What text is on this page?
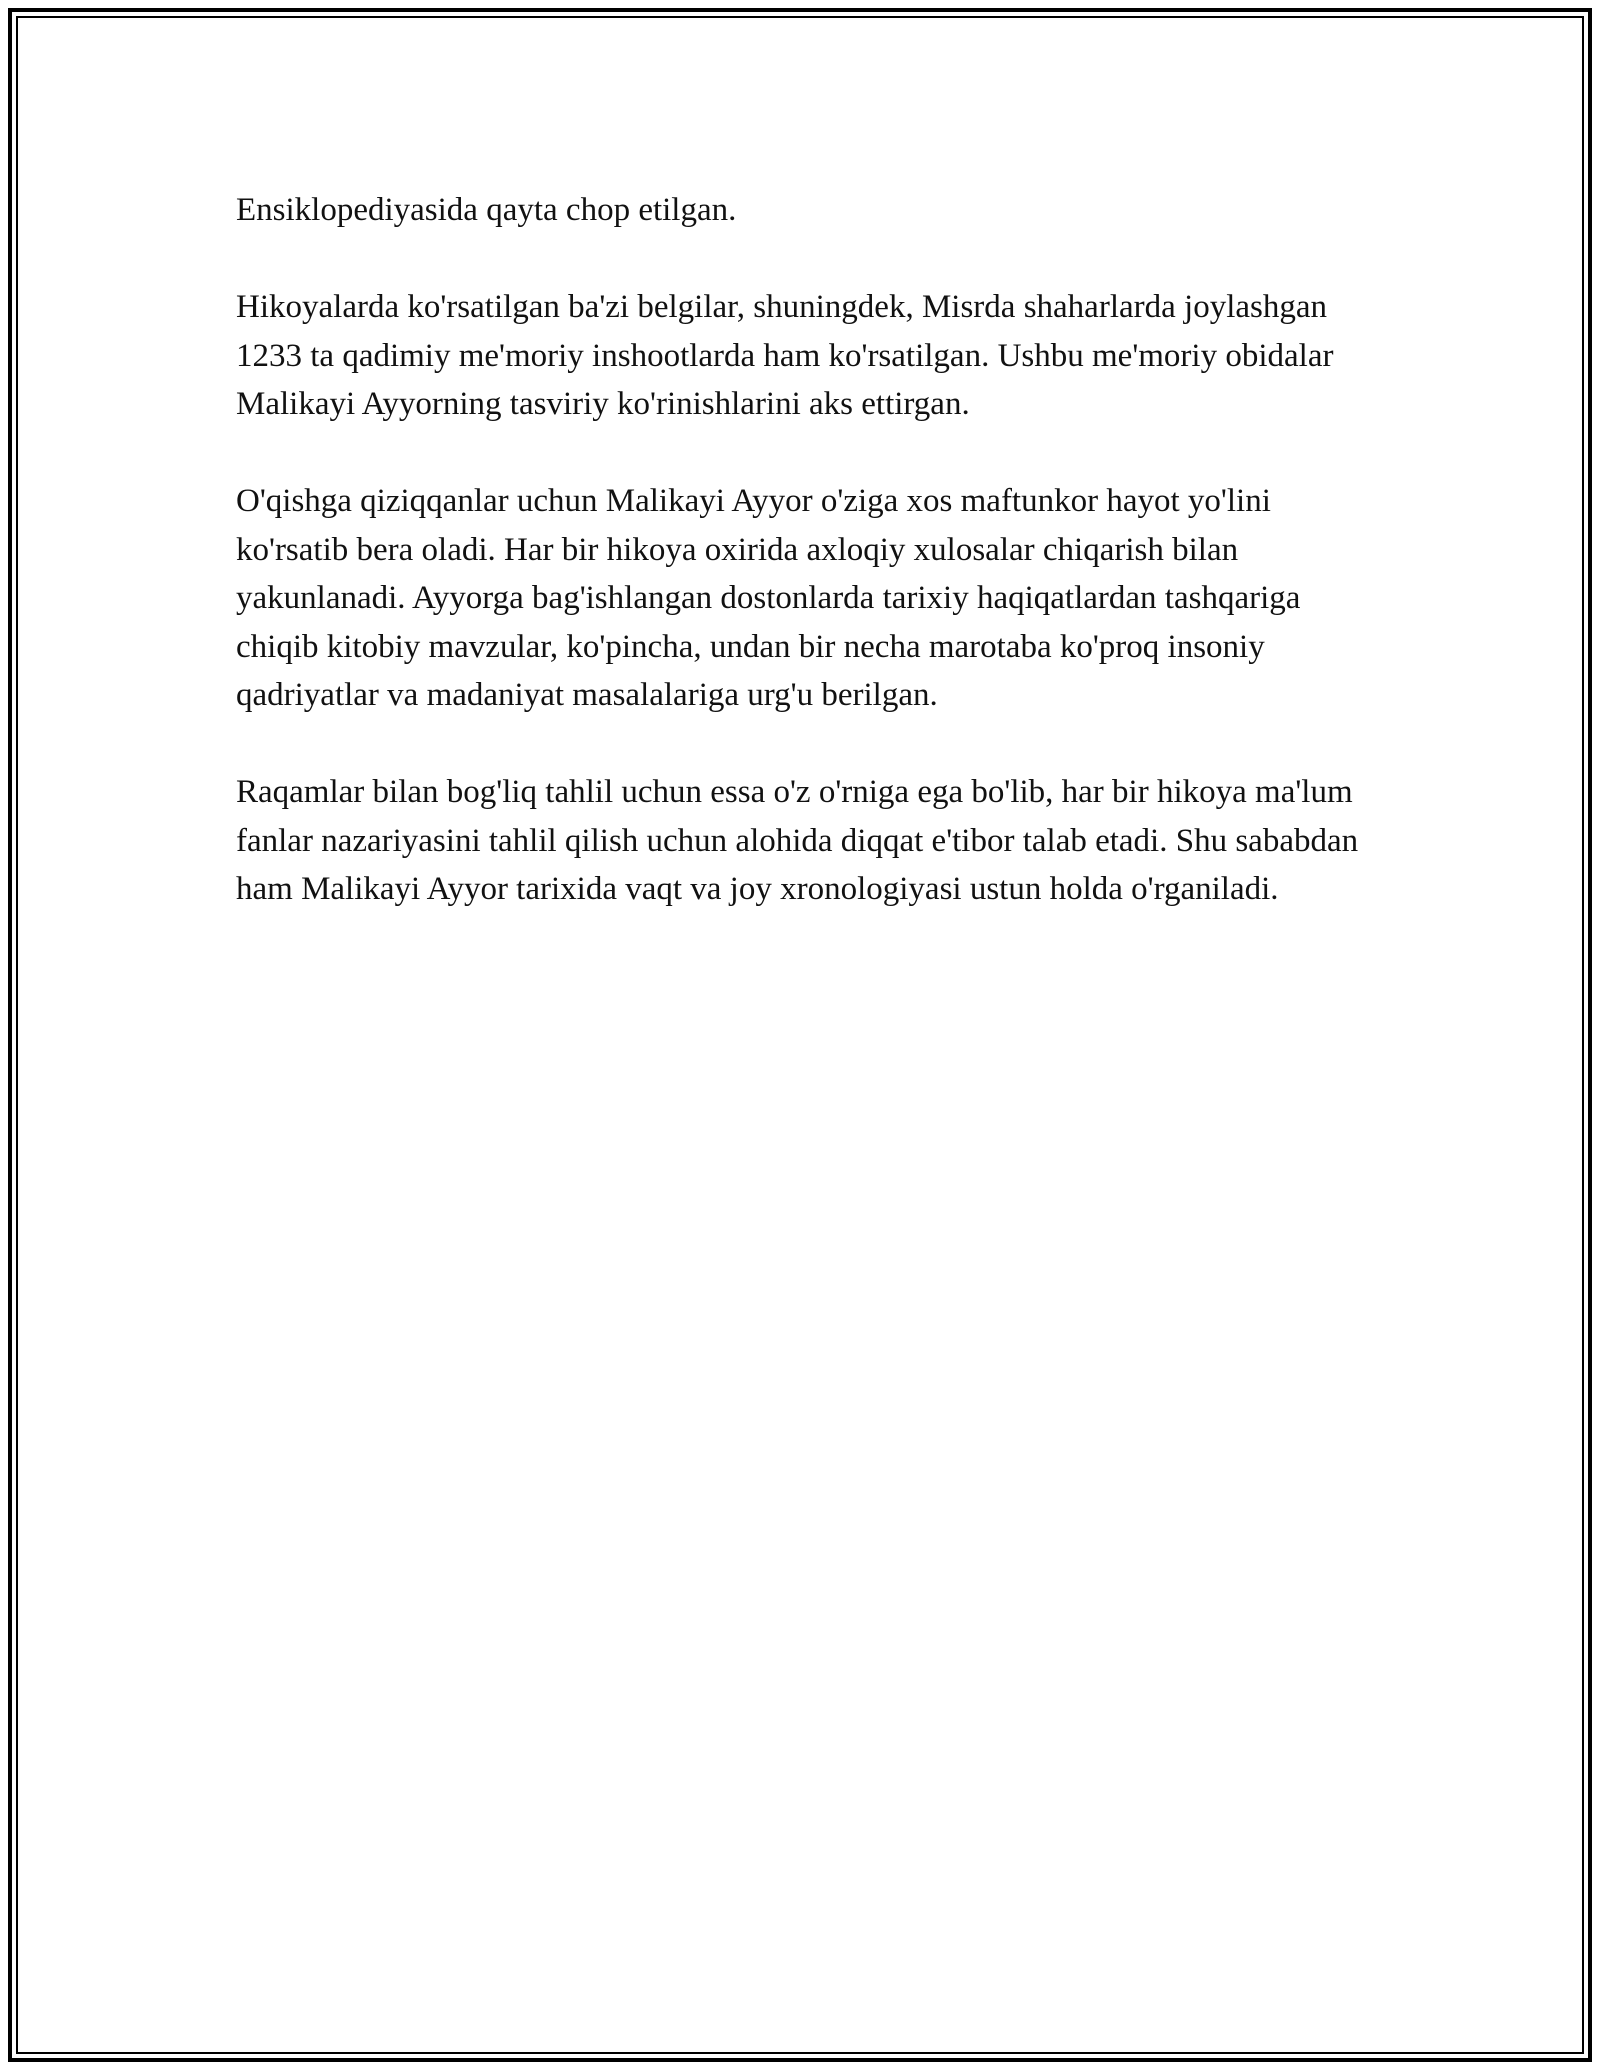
Ensiklopediyasida qayta chop etilgan.

Hikoyalarda ko'rsatilgan ba'zi belgilar, shuningdek, Misrda shaharlarda joylashgan 1233 ta qadimiy me'moriy inshootlarda ham ko'rsatilgan. Ushbu me'moriy obidalar Malikayi Ayyorning tasviriy ko'rinishlarini aks ettirgan.

O'qishga qiziqqanlar uchun Malikayi Ayyor o'ziga xos maftunkor hayot yo'lini ko'rsatib bera oladi. Har bir hikoya oxirida axloqiy xulosalar chiqarish bilan yakunlanadi. Ayyorga bag'ishlangan dostonlarda tarixiy haqiqatlardan tashqariga chiqib kitobiy mavzular, ko'pincha, undan bir necha marotaba ko'proq insoniy qadriyatlar va madaniyat masalalariga urg'u berilgan.

Raqamlar bilan bog'liq tahlil uchun essa o'z o'rniga ega bo'lib, har bir hikoya ma'lum fanlar nazariyasini tahlil qilish uchun alohida diqqat e'tibor talab etadi. Shu sababdan ham Malikayi Ayyor tarixida vaqt va joy xronologiyasi ustun holda o'rganiladi.
